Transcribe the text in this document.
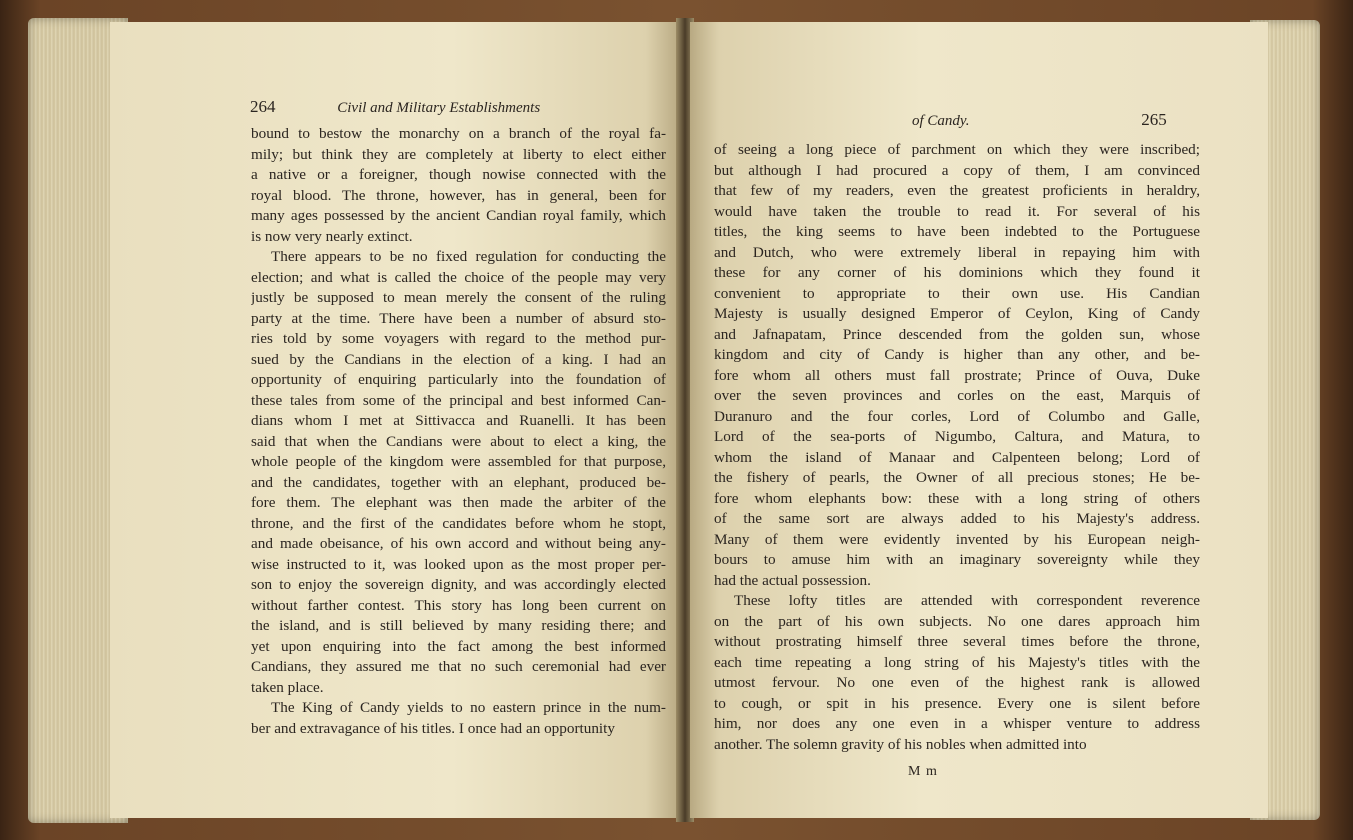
264	Civil and Military Establishments
bound to bestow the monarchy on a branch of the royal fa-
mily; but think they are completely at liberty to elect either
a native or a foreigner, though nowise connected with the
royal blood. The throne, however, has in general, been for
many ages possessed by the ancient Candian royal family, which
is now very nearly extinct.
There appears to be no fixed regulation for conducting the
election; and what is called the choice of the people may very
justly be supposed to mean merely the consent of the ruling
party at the time. There have been a number of absurd sto-
ries told by some voyagers with regard to the method pur-
sued by the Candians in the election of a king. I had an
opportunity of enquiring particularly into the foundation of
these tales from some of the principal and best informed Can-
dians whom I met at Sittivacca and Ruanelli. It has been
said that when the Candians were about to elect a king, the
whole people of the kingdom were assembled for that purpose,
and the candidates, together with an elephant, produced be-
fore them. The elephant was then made the arbiter of the
throne, and the first of the candidates before whom he stopt,
and made obeisance, of his own accord and without being any-
wise instructed to it, was looked upon as the most proper per-
son to enjoy the sovereign dignity, and was accordingly elected
without farther contest. This story has long been current on
the island, and is still believed by many residing there; and
yet upon enquiring into the fact among the best informed
Candians, they assured me that no such ceremonial had ever
taken place.
The King of Candy yields to no eastern prince in the num-
ber and extravagance of his titles. I once had an opportunity
of Candy.	265
of seeing a long piece of parchment on which they were inscribed;
but although I had procured a copy of them, I am convinced
that few of my readers, even the greatest proficients in heraldry,
would have taken the trouble to read it. For several of his
titles, the king seems to have been indebted to the Portuguese
and Dutch, who were extremely liberal in repaying him with
these for any corner of his dominions which they found it
convenient to appropriate to their own use. His Candian
Majesty is usually designed Emperor of Ceylon, King of Candy
and Jafnapatam, Prince descended from the golden sun, whose
kingdom and city of Candy is higher than any other, and be-
fore whom all others must fall prostrate; Prince of Ouva, Duke
over the seven provinces and corles on the east, Marquis of
Duranuro and the four corles, Lord of Columbo and Galle,
Lord of the sea-ports of Nigumbo, Caltura, and Matura, to
whom the island of Manaar and Calpenteen belong; Lord of
the fishery of pearls, the Owner of all precious stones; He be-
fore whom elephants bow: these with a long string of others
of the same sort are always added to his Majesty's address.
Many of them were evidently invented by his European neigh-
bours to amuse him with an imaginary sovereignty while they
had the actual possession.
These lofty titles are attended with correspondent reverence
on the part of his own subjects. No one dares approach him
without prostrating himself three several times before the throne,
each time repeating a long string of his Majesty's titles with the
utmost fervour. No one even of the highest rank is allowed
to cough, or spit in his presence. Every one is silent before
him, nor does any one even in a whisper venture to address
another. The solemn gravity of his nobles when admitted into
M m
